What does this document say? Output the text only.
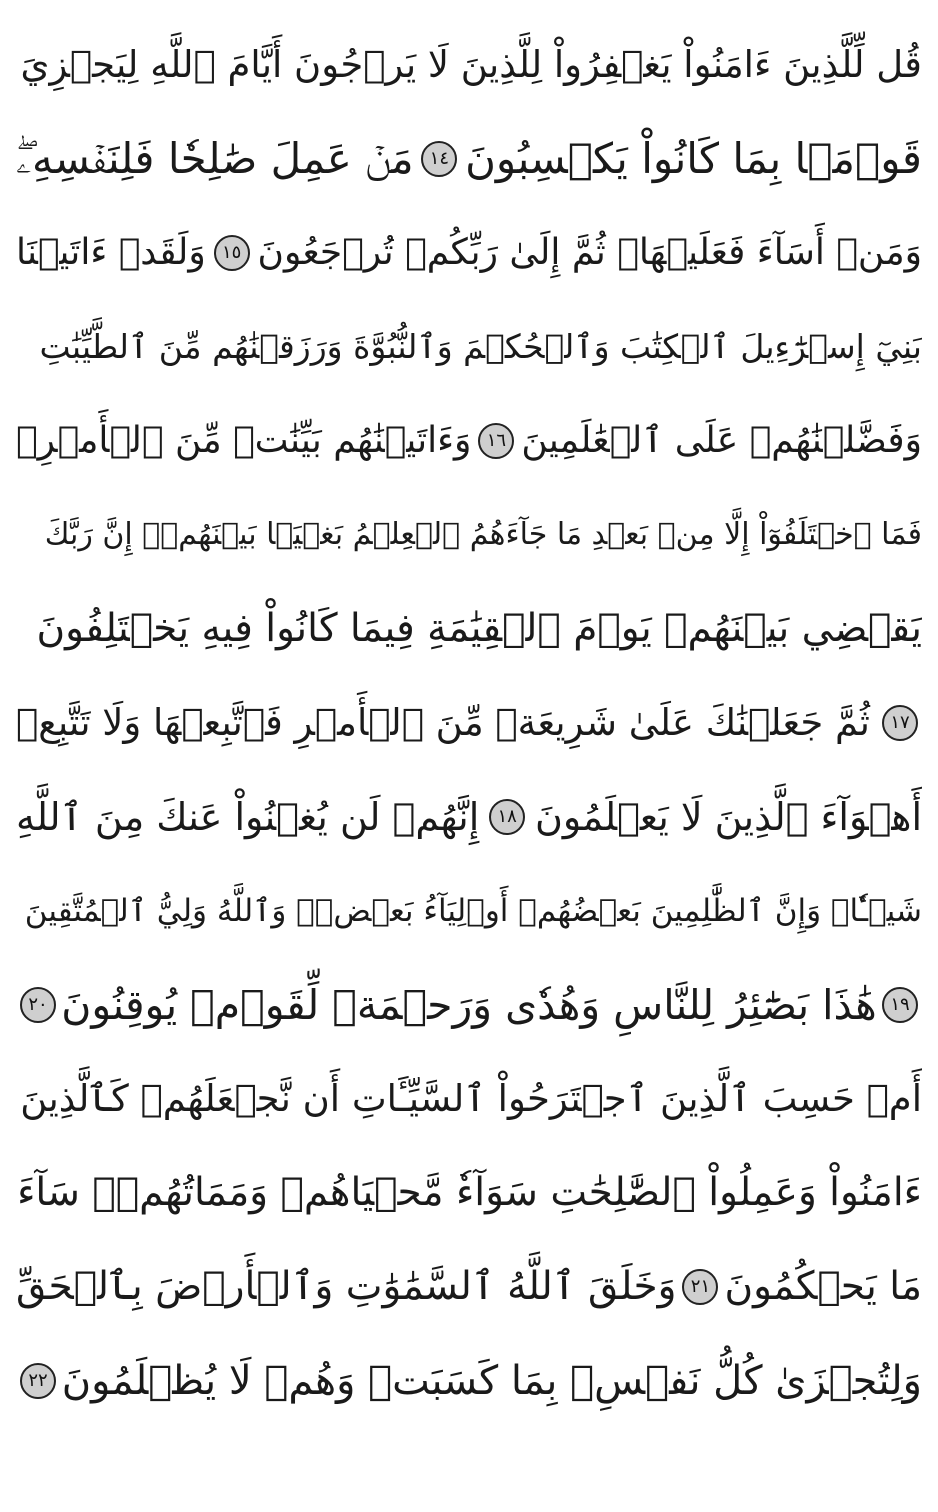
قُل لِّلَّذِينَ ءَامَنُواْ يَغۡفِرُواْ لِلَّذِينَ لَا يَرۡجُونَ أَيَّامَ ٱللَّهِ لِيَجۡزِيَ
قَوۡمَۢا بِمَا كَانُواْ يَكۡسِبُونَ
١٤
مَنۡ عَمِلَ صَٰلِحٗا فَلِنَفۡسِهِۦۖ
وَمَنۡ أَسَآءَ فَعَلَيۡهَاۖ ثُمَّ إِلَىٰ رَبِّكُمۡ تُرۡجَعُونَ
١٥
وَلَقَدۡ ءَاتَيۡنَا
بَنِيٓ إِسۡرَٰٓءِيلَ ٱلۡكِتَٰبَ وَٱلۡحُكۡمَ وَٱلنُّبُوَّةَ وَرَزَقۡنَٰهُم مِّنَ ٱلطَّيِّبَٰتِ
وَفَضَّلۡنَٰهُمۡ عَلَى ٱلۡعَٰلَمِينَ
١٦
وَءَاتَيۡنَٰهُم بَيِّنَٰتٖ مِّنَ ٱلۡأَمۡرِۖ
فَمَا ٱخۡتَلَفُوٓاْ إِلَّا مِنۢ بَعۡدِ مَا جَآءَهُمُ ٱلۡعِلۡمُ بَغۡيَۢا بَيۡنَهُمۡۚ إِنَّ رَبَّكَ
يَقۡضِي بَيۡنَهُمۡ يَوۡمَ ٱلۡقِيَٰمَةِ فِيمَا كَانُواْ فِيهِ يَخۡتَلِفُونَ
١٧
ثُمَّ جَعَلۡنَٰكَ عَلَىٰ شَرِيعَةٖ مِّنَ ٱلۡأَمۡرِ فَٱتَّبِعۡهَا وَلَا تَتَّبِعۡ
أَهۡوَآءَ ٱلَّذِينَ لَا يَعۡلَمُونَ
١٨
إِنَّهُمۡ لَن يُغۡنُواْ عَنكَ مِنَ ٱللَّهِ
شَيۡـٔٗاۚ وَإِنَّ ٱلظَّٰلِمِينَ بَعۡضُهُمۡ أَوۡلِيَآءُ بَعۡضٖۖ وَٱللَّهُ وَلِيُّ ٱلۡمُتَّقِينَ
١٩
هَٰذَا بَصَٰٓئِرُ لِلنَّاسِ وَهُدٗى وَرَحۡمَةٞ لِّقَوۡمٖ يُوقِنُونَ
٢٠
أَمۡ حَسِبَ ٱلَّذِينَ ٱجۡتَرَحُواْ ٱلسَّيِّـَٔاتِ أَن نَّجۡعَلَهُمۡ كَٱلَّذِينَ
ءَامَنُواْ وَعَمِلُواْ ٱلصَّٰلِحَٰتِ سَوَآءٗ مَّحۡيَاهُمۡ وَمَمَاتُهُمۡۚ سَآءَ
مَا يَحۡكُمُونَ
٢١
وَخَلَقَ ٱللَّهُ ٱلسَّمَٰوَٰتِ وَٱلۡأَرۡضَ بِٱلۡحَقِّ
وَلِتُجۡزَىٰ كُلُّ نَفۡسِۭ بِمَا كَسَبَتۡ وَهُمۡ لَا يُظۡلَمُونَ
٢٢
